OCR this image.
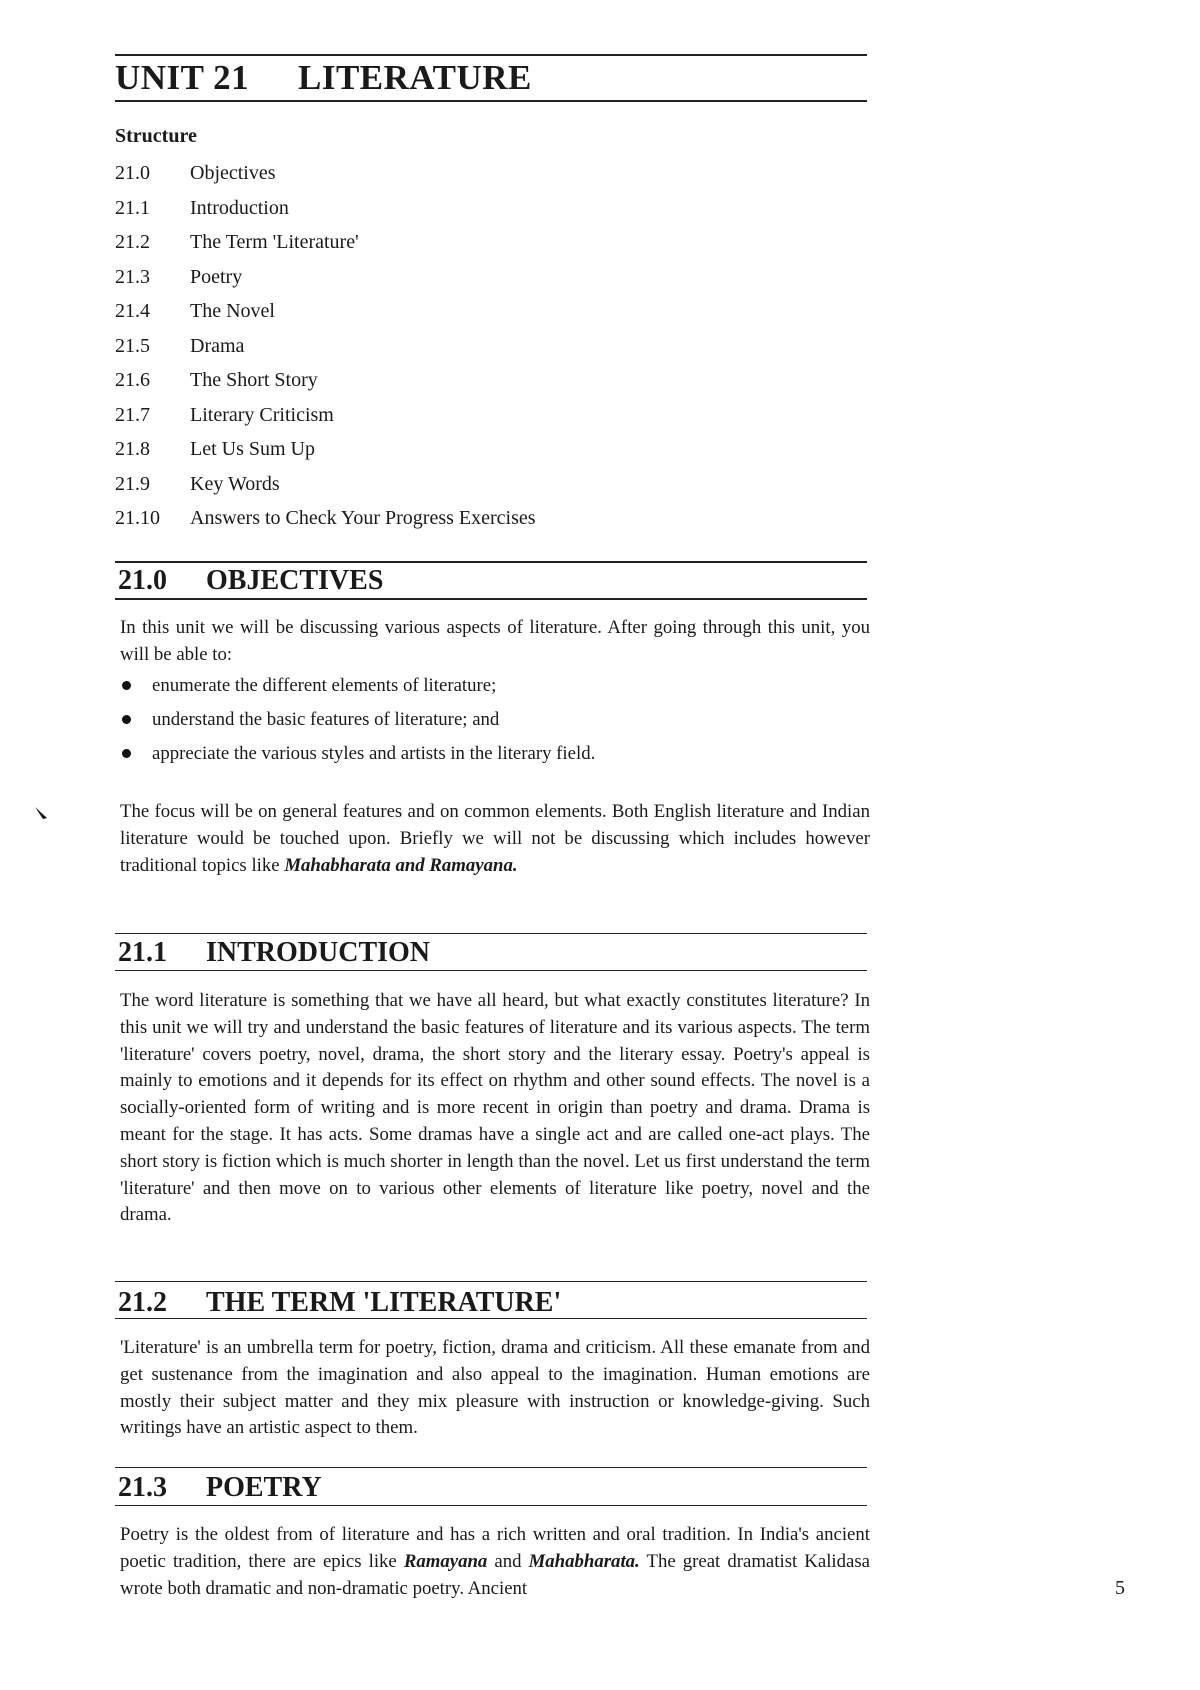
UNIT 21 LITERATURE
Structure
21.0 Objectives
21.1 Introduction
21.2 The Term 'Literature'
21.3 Poetry
21.4 The Novel
21.5 Drama
21.6 The Short Story
21.7 Literary Criticism
21.8 Let Us Sum Up
21.9 Key Words
21.10 Answers to Check Your Progress Exercises
21.0 OBJECTIVES

In this unit we will be discussing various aspects of literature. After going through this unit, you will be able to:

enumerate the different elements of literature;
understand the basic features of literature; and
appreciate the various styles and artists in the literary field.

The focus will be on general features and on common elements. Both English literature and Indian literature would be touched upon. Briefly we will not be discussing which includes however traditional topics like Mahabharata and Ramayana.

21.1 INTRODUCTION

The word literature is something that we have all heard, but what exactly constitutes literature? In this unit we will try and understand the basic features of literature and its various aspects. The term 'literature' covers poetry, novel, drama, the short story and the literary essay. Poetry's appeal is mainly to emotions and it depends for its effect on rhythm and other sound effects. The novel is a socially-oriented form of writing and is more recent in origin than poetry and drama. Drama is meant for the stage. It has acts. Some dramas have a single act and are called one-act plays. The short story is fiction which is much shorter in length than the novel. Let us first understand the term 'literature' and then move on to various other elements of literature like poetry, novel and the drama.

21.2 THE TERM 'LITERATURE'

'Literature' is an umbrella term for poetry, fiction, drama and criticism. All these emanate from and get sustenance from the imagination and also appeal to the imagination. Human emotions are mostly their subject matter and they mix pleasure with instruction or knowledge-giving. Such writings have an artistic aspect to them.

21.3 POETRY

Poetry is the oldest from of literature and has a rich written and oral tradition. In India's ancient poetic tradition, there are epics like Ramayana and Mahabharata. The great dramatist Kalidasa wrote both dramatic and non-dramatic poetry. Ancient	5
